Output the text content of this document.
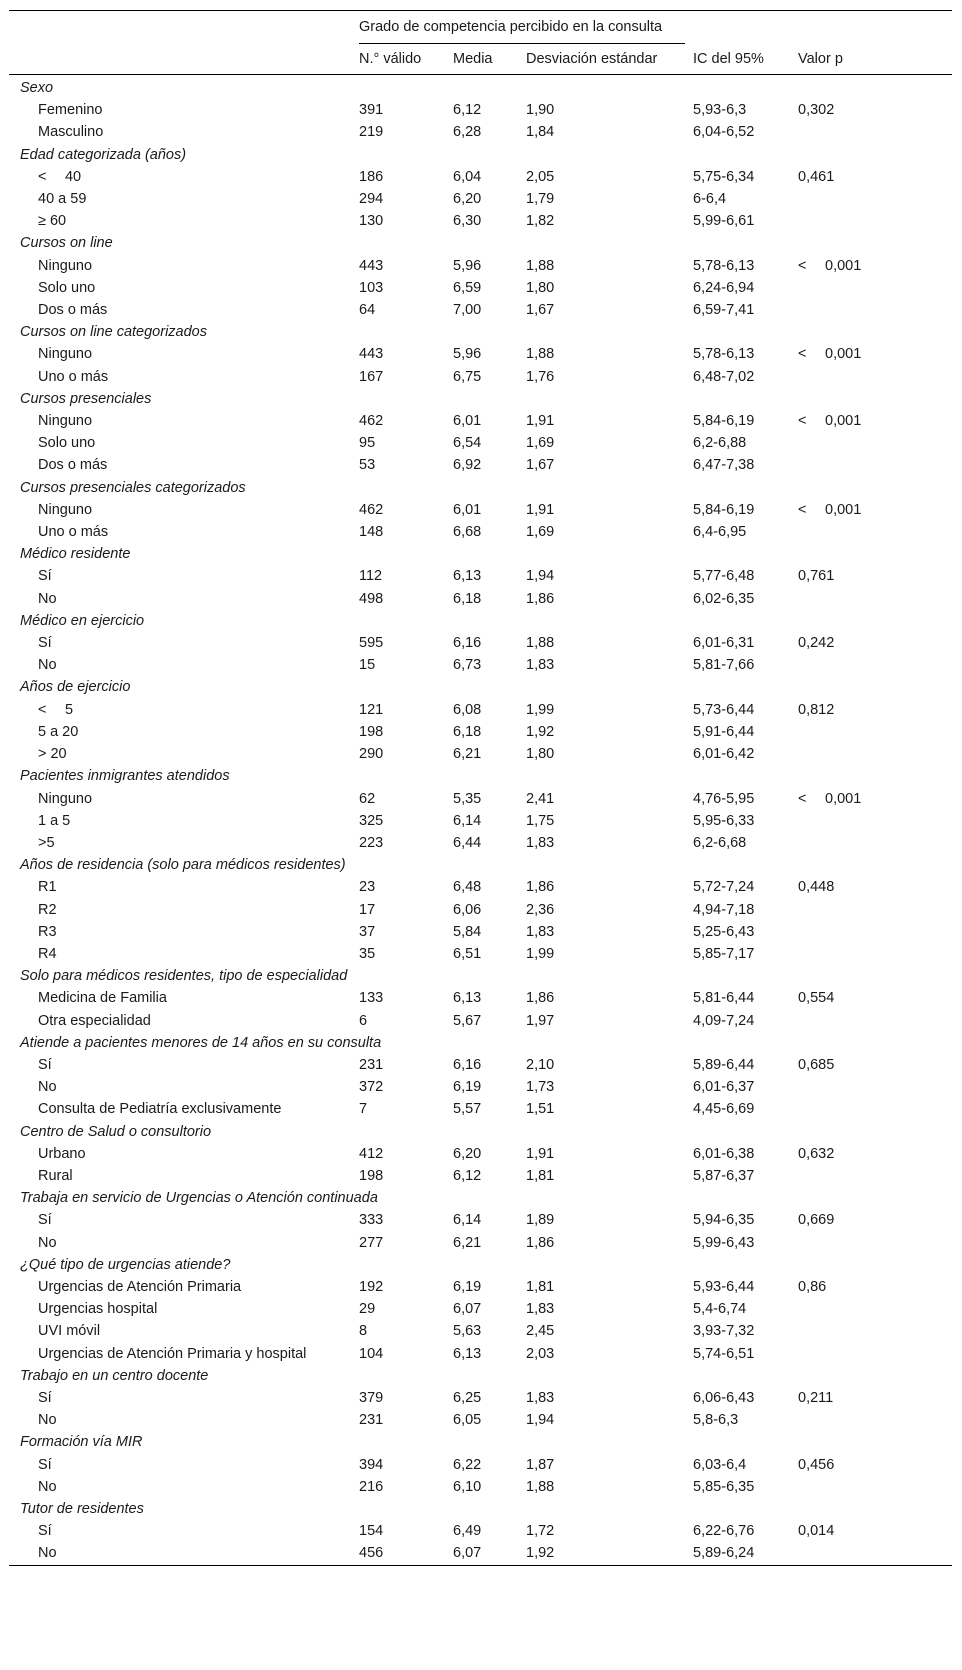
	Grado de competencia percibido en la consulta				

	N.° válido	Media	Desviación estándar	IC del 95%	Valor p
Sexo					
Femenino	391	6,12	1,90	5,93-6,3	0,302
Masculino	219	6,28	1,84	6,04-6,52	
Edad categorizada (años)					
<  40	186	6,04	2,05	5,75-6,34	0,461
40 a 59	294	6,20	1,79	6-6,4	
≥ 60	130	6,30	1,82	5,99-6,61	
Cursos on line					
Ninguno	443	5,96	1,88	5,78-6,13	<  0,001
Solo uno	103	6,59	1,80	6,24-6,94	
Dos o más	64	7,00	1,67	6,59-7,41	
Cursos on line categorizados					
Ninguno	443	5,96	1,88	5,78-6,13	<  0,001
Uno o más	167	6,75	1,76	6,48-7,02	
Cursos presenciales					
Ninguno	462	6,01	1,91	5,84-6,19	<  0,001
Solo uno	95	6,54	1,69	6,2-6,88	
Dos o más	53	6,92	1,67	6,47-7,38	
Cursos presenciales categorizados					
Ninguno	462	6,01	1,91	5,84-6,19	<  0,001
Uno o más	148	6,68	1,69	6,4-6,95	
Médico residente					
Sí	112	6,13	1,94	5,77-6,48	0,761
No	498	6,18	1,86	6,02-6,35	
Médico en ejercicio					
Sí	595	6,16	1,88	6,01-6,31	0,242
No	15	6,73	1,83	5,81-7,66	
Años de ejercicio					
<  5	121	6,08	1,99	5,73-6,44	0,812
5 a 20	198	6,18	1,92	5,91-6,44	
> 20	290	6,21	1,80	6,01-6,42	
Pacientes inmigrantes atendidos					
Ninguno	62	5,35	2,41	4,76-5,95	<  0,001
1 a 5	325	6,14	1,75	5,95-6,33	
>5	223	6,44	1,83	6,2-6,68	
Años de residencia (solo para médicos residentes)					
R1	23	6,48	1,86	5,72-7,24	0,448
R2	17	6,06	2,36	4,94-7,18	
R3	37	5,84	1,83	5,25-6,43	
R4	35	6,51	1,99	5,85-7,17	
Solo para médicos residentes, tipo de especialidad					
Medicina de Familia	133	6,13	1,86	5,81-6,44	0,554
Otra especialidad	6	5,67	1,97	4,09-7,24	
Atiende a pacientes menores de 14 años en su consulta					
Sí	231	6,16	2,10	5,89-6,44	0,685
No	372	6,19	1,73	6,01-6,37	
Consulta de Pediatría exclusivamente	7	5,57	1,51	4,45-6,69	
Centro de Salud o consultorio					
Urbano	412	6,20	1,91	6,01-6,38	0,632
Rural	198	6,12	1,81	5,87-6,37	
Trabaja en servicio de Urgencias o Atención continuada					
Sí	333	6,14	1,89	5,94-6,35	0,669
No	277	6,21	1,86	5,99-6,43	
¿Qué tipo de urgencias atiende?					
Urgencias de Atención Primaria	192	6,19	1,81	5,93-6,44	0,86
Urgencias hospital	29	6,07	1,83	5,4-6,74	
UVI móvil	8	5,63	2,45	3,93-7,32	
Urgencias de Atención Primaria y hospital	104	6,13	2,03	5,74-6,51	
Trabajo en un centro docente					
Sí	379	6,25	1,83	6,06-6,43	0,211
No	231	6,05	1,94	5,8-6,3	
Formación vía MIR					
Sí	394	6,22	1,87	6,03-6,4	0,456
No	216	6,10	1,88	5,85-6,35	
Tutor de residentes					
Sí	154	6,49	1,72	6,22-6,76	0,014
No	456	6,07	1,92	5,89-6,24	
